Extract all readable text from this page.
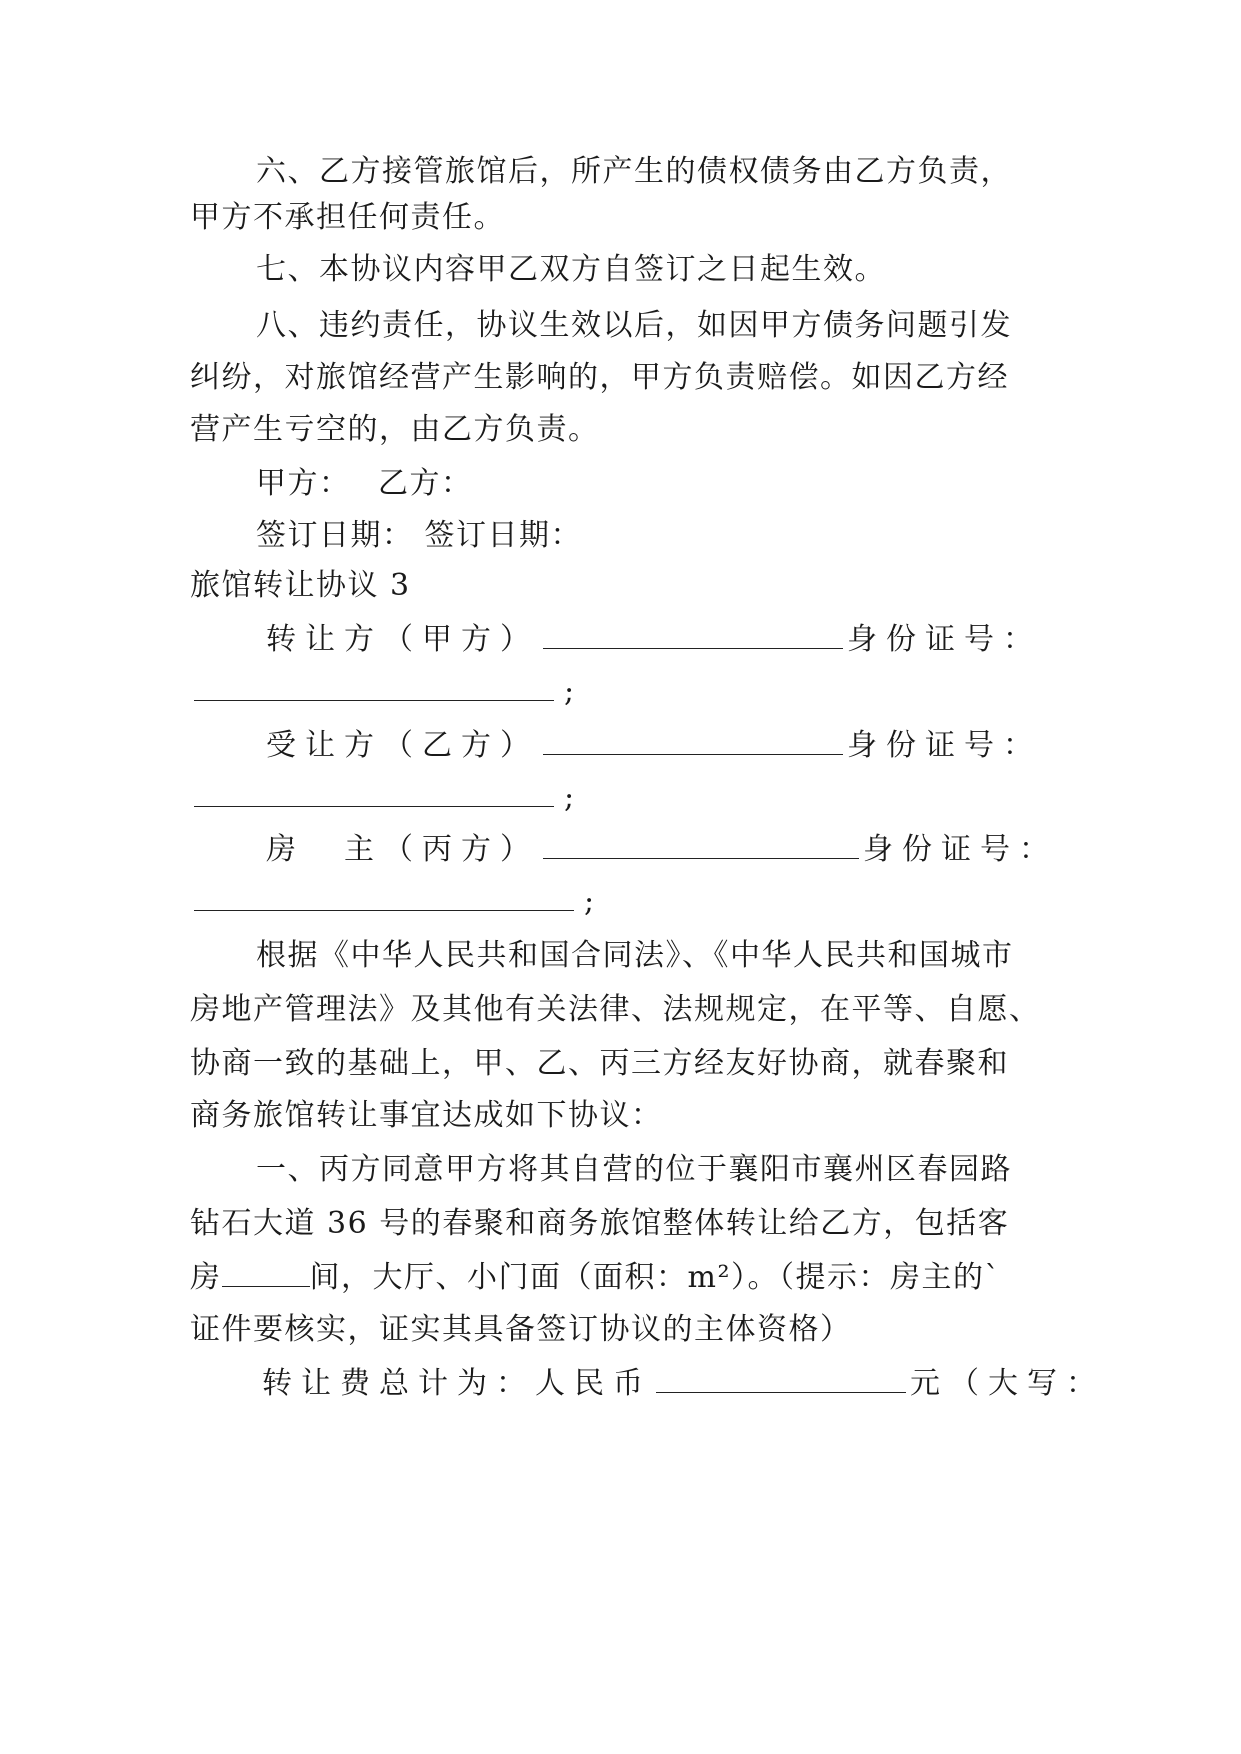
六、乙方接管旅馆后，所产生的债权债务由乙方负责，
甲方不承担任何责任。
七、本协议内容甲乙双方自签订之日起生效。
八、违约责任，协议生效以后，如因甲方债务问题引发
纠纷，对旅馆经营产生影响的，甲方负责赔偿。如因乙方经
营产生亏空的，由乙方负责。
甲方：　 乙方：
签订日期： 签订日期：
旅馆转让协议 3
转让方（甲方）	身份证号：
;
受让方（乙方）	身份证号：
;
房　主（丙方）	身份证号：
;
根据《中华人民共和国合同法》、《中华人民共和国城市
房地产管理法》及其他有关法律、法规规定，在平等、自愿、
协商一致的基础上，甲、乙、丙三方经友好协商，就春聚和
商务旅馆转让事宜达成如下协议：
一、丙方同意甲方将其自营的位于襄阳市襄州区春园路
钻石大道 36 号的春聚和商务旅馆整体转让给乙方，包括客
房	间，大厅、小门面（面积：m²）。（提示：房主的`
证件要核实，证实其具备签订协议的主体资格）
转让费总计为：人民币	元（大写：
